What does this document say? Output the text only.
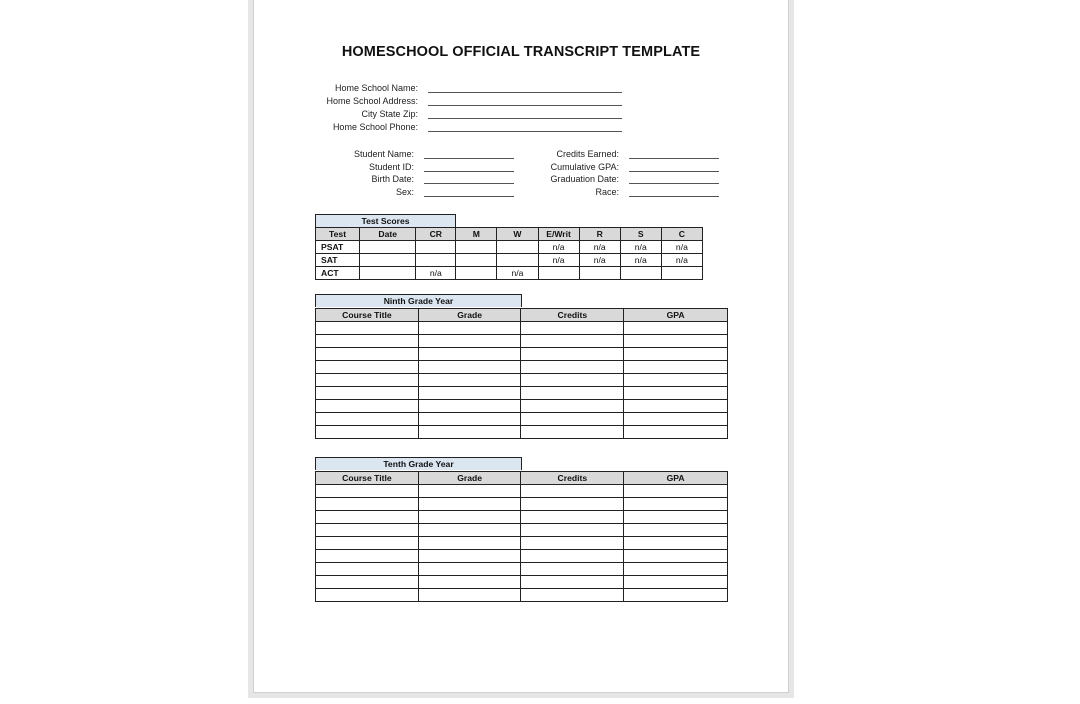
HOMESCHOOL OFFICIAL TRANSCRIPT TEMPLATE
Home School Name:
Home School Address:
City State Zip:
Home School Phone:
Student Name:
Student ID:
Birth Date:
Sex:
Credits Earned:
Cumulative GPA:
Graduation Date:
Race:
Test Scores
Test	Date	CR	M	W	E/Writ	R	S	C
PSAT					n/a	n/a	n/a	n/a
SAT					n/a	n/a	n/a	n/a
ACT		n/a		n/a				
Ninth Grade Year
Course Title	Grade	Credits	GPA

Tenth Grade Year
Course Title	Grade	Credits	GPA
